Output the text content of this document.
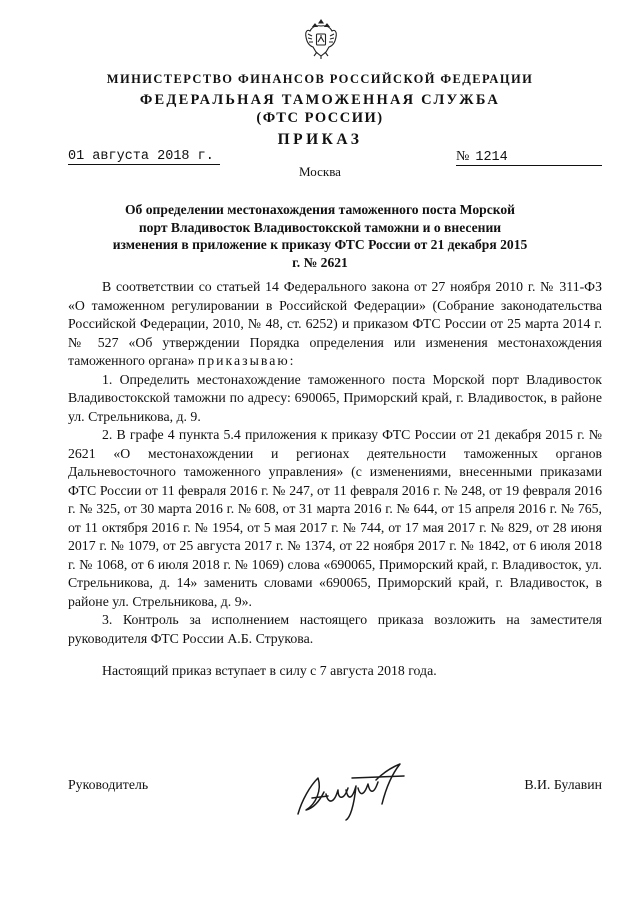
МИНИСТЕРСТВО ФИНАНСОВ РОССИЙСКОЙ ФЕДЕРАЦИИ
ФЕДЕРАЛЬНАЯ ТАМОЖЕННАЯ СЛУЖБА
(ФТС РОССИИ)
ПРИКАЗ
01 августа 2018 г.	№ 1214
Москва
Об определении местонахождения таможенного поста Морской порт Владивосток Владивостокской таможни и о внесении изменения в приложение к приказу ФТС России от 21 декабря 2015 г. № 2621

В соответствии со статьей 14 Федерального закона от 27 ноября 2010 г. № 311-ФЗ «О таможенном регулировании в Российской Федерации» (Собрание законодательства Российской Федерации, 2010, № 48, ст. 6252) и приказом ФТС России от 25 марта 2014 г. № 527 «Об утверждении Порядка определения или изменения местонахождения таможенного органа» приказываю:

1. Определить местонахождение таможенного поста Морской порт Владивосток Владивостокской таможни по адресу: 690065, Приморский край, г. Владивосток, в районе ул. Стрельникова, д. 9.

2. В графе 4 пункта 5.4 приложения к приказу ФТС России от 21 декабря 2015 г. № 2621 «О местонахождении и регионах деятельности таможенных органов Дальневосточного таможенного управления» (с изменениями, внесенными приказами ФТС России от 11 февраля 2016 г. № 247, от 11 февраля 2016 г. № 248, от 19 февраля 2016 г. № 325, от 30 марта 2016 г. № 608, от 31 марта 2016 г. № 644, от 15 апреля 2016 г. № 765, от 11 октября 2016 г. № 1954, от 5 мая 2017 г. № 744, от 17 мая 2017 г. № 829, от 28 июня 2017 г. № 1079, от 25 августа 2017 г. № 1374, от 22 ноября 2017 г. № 1842, от 6 июля 2018 г. № 1068, от 6 июля 2018 г. № 1069) слова «690065, Приморский край, г. Владивосток, ул. Стрельникова, д. 14» заменить словами «690065, Приморский край, г. Владивосток, в районе ул. Стрельникова, д. 9».

3. Контроль за исполнением настоящего приказа возложить на заместителя руководителя ФТС России А.Б. Струкова.

Настоящий приказ вступает в силу с 7 августа 2018 года.

Руководитель	В.И. Булавин
